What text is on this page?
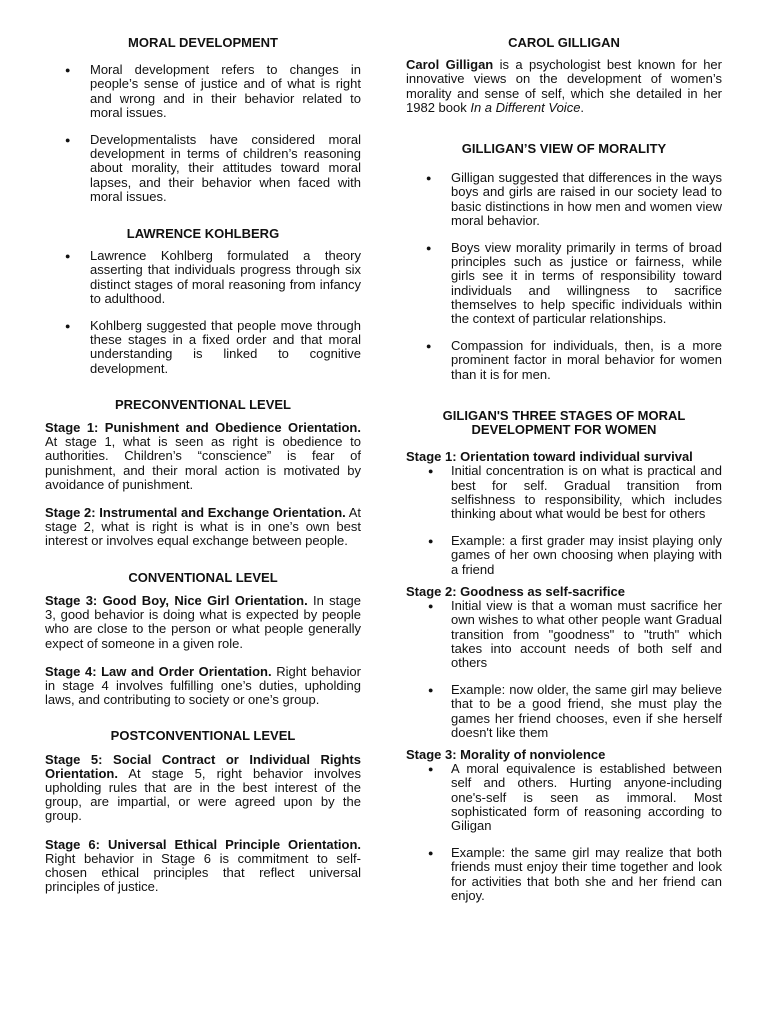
MORAL DEVELOPMENT
● Moral development refers to changes in people’s sense of justice and of what is right and wrong and in their behavior related to moral issues.
● Developmentalists have considered moral development in terms of children’s reasoning about morality, their attitudes toward moral lapses, and their behavior when faced with moral issues.
LAWRENCE KOHLBERG
● Lawrence Kohlberg formulated a theory asserting that individuals progress through six distinct stages of moral reasoning from infancy to adulthood.
● Kohlberg suggested that people move through these stages in a fixed order and that moral understanding is linked to cognitive development.
PRECONVENTIONAL LEVEL

Stage 1: Punishment and Obedience Orientation. At stage 1, what is seen as right is obedience to authorities. Children’s “conscience” is fear of punishment, and their moral action is motivated by avoidance of punishment.

Stage 2: Instrumental and Exchange Orientation. At stage 2, what is right is what is in one’s own best interest or involves equal exchange between people.

CONVENTIONAL LEVEL

Stage 3: Good Boy, Nice Girl Orientation. In stage 3, good behavior is doing what is expected by people who are close to the person or what people generally expect of someone in a given role.

Stage 4: Law and Order Orientation. Right behavior in stage 4 involves fulfilling one’s duties, upholding laws, and contributing to society or one’s group.

POSTCONVENTIONAL LEVEL

Stage 5: Social Contract or Individual Rights Orientation. At stage 5, right behavior involves upholding rules that are in the best interest of the group, are impartial, or were agreed upon by the group.

Stage 6: Universal Ethical Principle Orientation. Right behavior in Stage 6 is commitment to self-chosen ethical principles that reflect universal principles of justice.

CAROL GILLIGAN

Carol Gilligan is a psychologist best known for her innovative views on the development of women’s morality and sense of self, which she detailed in her 1982 book In a Different Voice.

GILLIGAN’S VIEW OF MORALITY
● Gilligan suggested that differences in the ways boys and girls are raised in our society lead to basic distinctions in how men and women view moral behavior.
● Boys view morality primarily in terms of broad principles such as justice or fairness, while girls see it in terms of responsibility toward individuals and willingness to sacrifice themselves to help specific individuals within the context of particular relationships.
● Compassion for individuals, then, is a more prominent factor in moral behavior for women than it is for men.
GILIGAN'S THREE STAGES OF MORAL DEVELOPMENT FOR WOMEN

Stage 1: Orientation toward individual survival

● Initial concentration is on what is practical and best for self. Gradual transition from selfishness to responsibility, which includes thinking about what would be best for others
● Example: a first grader may insist playing only games of her own choosing when playing with a friend

Stage 2: Goodness as self-sacrifice

● Initial view is that a woman must sacrifice her own wishes to what other people want Gradual transition from "goodness" to "truth" which takes into account needs of both self and others
● Example: now older, the same girl may believe that to be a good friend, she must play the games her friend chooses, even if she herself doesn't like them

Stage 3: Morality of nonviolence

● A moral equivalence is established between self and others. Hurting anyone-including one's-self is seen as immoral. Most sophisticated form of reasoning according to Giligan
● Example: the same girl may realize that both friends must enjoy their time together and look for activities that both she and her friend can enjoy.
